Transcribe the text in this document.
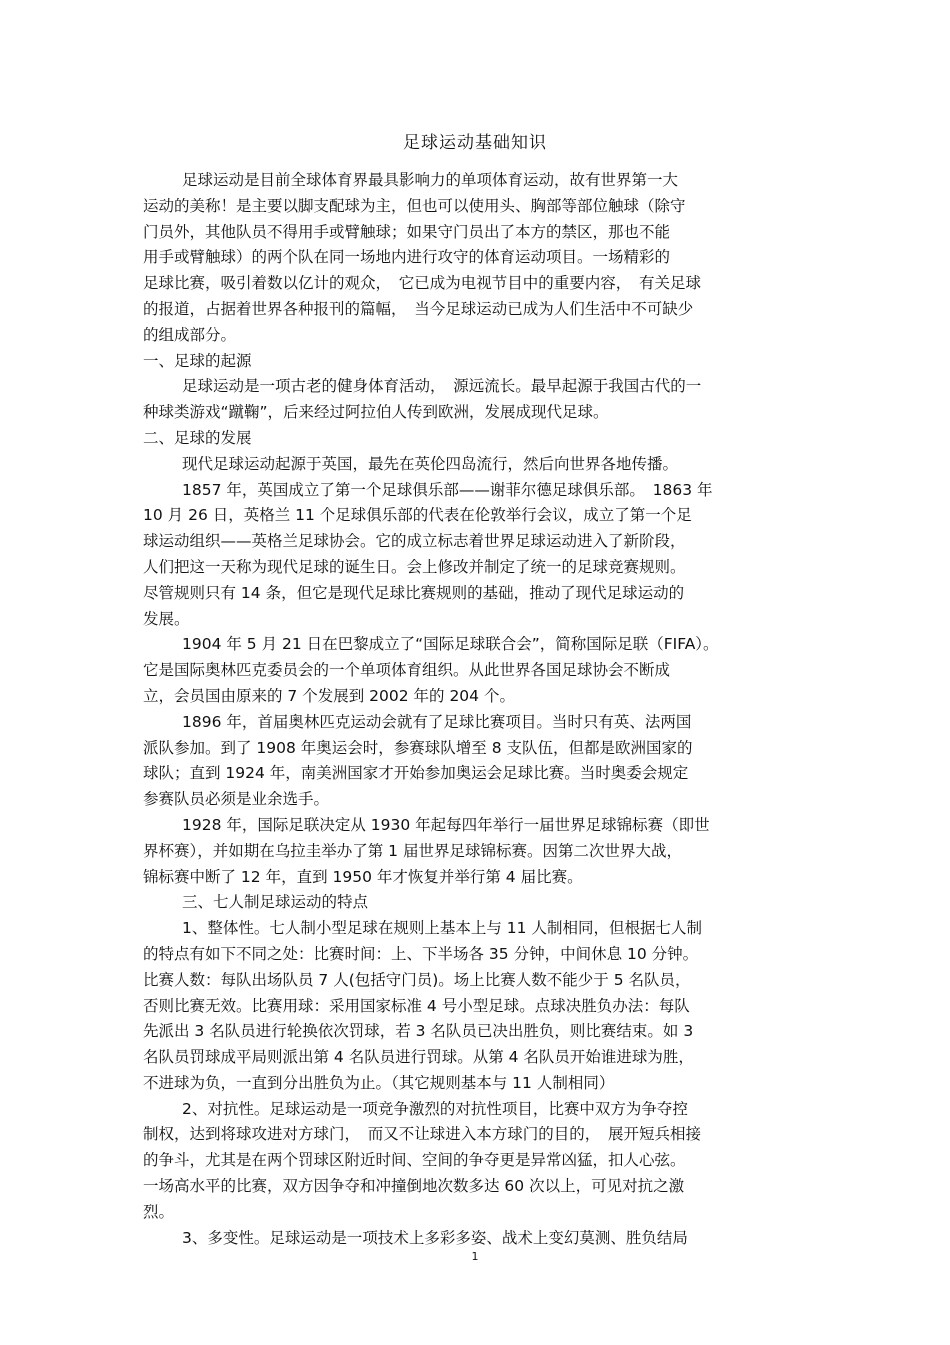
足球运动基础知识
足球运动是目前全球体育界最具影响力的单项体育运动，故有世界第一大
运动的美称！是主要以脚支配球为主，但也可以使用头、胸部等部位触球（除守
门员外，其他队员不得用手或臂触球；如果守门员出了本方的禁区，那也不能
用手或臂触球）的两个队在同一场地内进行攻守的体育运动项目。一场精彩的
足球比赛，吸引着数以亿计的观众，　它已成为电视节目中的重要内容，　有关足球
的报道，占据着世界各种报刊的篇幅，　当今足球运动已成为人们生活中不可缺少
的组成部分。
一、足球的起源
足球运动是一项古老的健身体育活动，　源远流长。最早起源于我国古代的一
种球类游戏“蹴鞠”，后来经过阿拉伯人传到欧洲，发展成现代足球。
二、足球的发展
现代足球运动起源于英国，最先在英伦四岛流行，然后向世界各地传播。
1857 年，英国成立了第一个足球俱乐部——谢菲尔德足球俱乐部。　1863 年
10 月 26 日，英格兰 11 个足球俱乐部的代表在伦敦举行会议，成立了第一个足
球运动组织——英格兰足球协会。它的成立标志着世界足球运动进入了新阶段，
人们把这一天称为现代足球的诞生日。会上修改并制定了统一的足球竞赛规则。
尽管规则只有 14 条，但它是现代足球比赛规则的基础，推动了现代足球运动的
发展。
1904 年 5 月 21 日在巴黎成立了“国际足球联合会”，简称国际足联（FIFA）。
它是国际奥林匹克委员会的一个单项体育组织。从此世界各国足球协会不断成
立，会员国由原来的 7 个发展到 2002 年的 204 个。
1896 年，首届奥林匹克运动会就有了足球比赛项目。当时只有英、法两国
派队参加。到了 1908 年奥运会时，参赛球队增至 8 支队伍，但都是欧洲国家的
球队；直到 1924 年，南美洲国家才开始参加奥运会足球比赛。当时奥委会规定
参赛队员必须是业余选手。
1928 年，国际足联决定从 1930 年起每四年举行一届世界足球锦标赛（即世
界杯赛），并如期在乌拉圭举办了第 1 届世界足球锦标赛。因第二次世界大战，
锦标赛中断了 12 年，直到 1950 年才恢复并举行第 4 届比赛。
三、七人制足球运动的特点
1、整体性。七人制小型足球在规则上基本上与 11 人制相同，但根据七人制
的特点有如下不同之处：比赛时间：上、下半场各 35 分钟，中间休息 10 分钟。
比赛人数：每队出场队员 7 人(包括守门员)。场上比赛人数不能少于 5 名队员，
否则比赛无效。比赛用球：采用国家标准 4 号小型足球。点球决胜负办法：每队
先派出 3 名队员进行轮换依次罚球，若 3 名队员已决出胜负，则比赛结束。如 3
名队员罚球成平局则派出第 4 名队员进行罚球。从第 4 名队员开始谁进球为胜，
不进球为负，一直到分出胜负为止。（其它规则基本与 11 人制相同）
2、对抗性。足球运动是一项竞争激烈的对抗性项目，比赛中双方为争夺控
制权，达到将球攻进对方球门，　而又不让球进入本方球门的目的，　展开短兵相接
的争斗，尤其是在两个罚球区附近时间、空间的争夺更是异常凶猛，扣人心弦。
一场高水平的比赛，双方因争夺和冲撞倒地次数多达 60 次以上，可见对抗之激
烈。
3、多变性。足球运动是一项技术上多彩多姿、战术上变幻莫测、胜负结局
1
